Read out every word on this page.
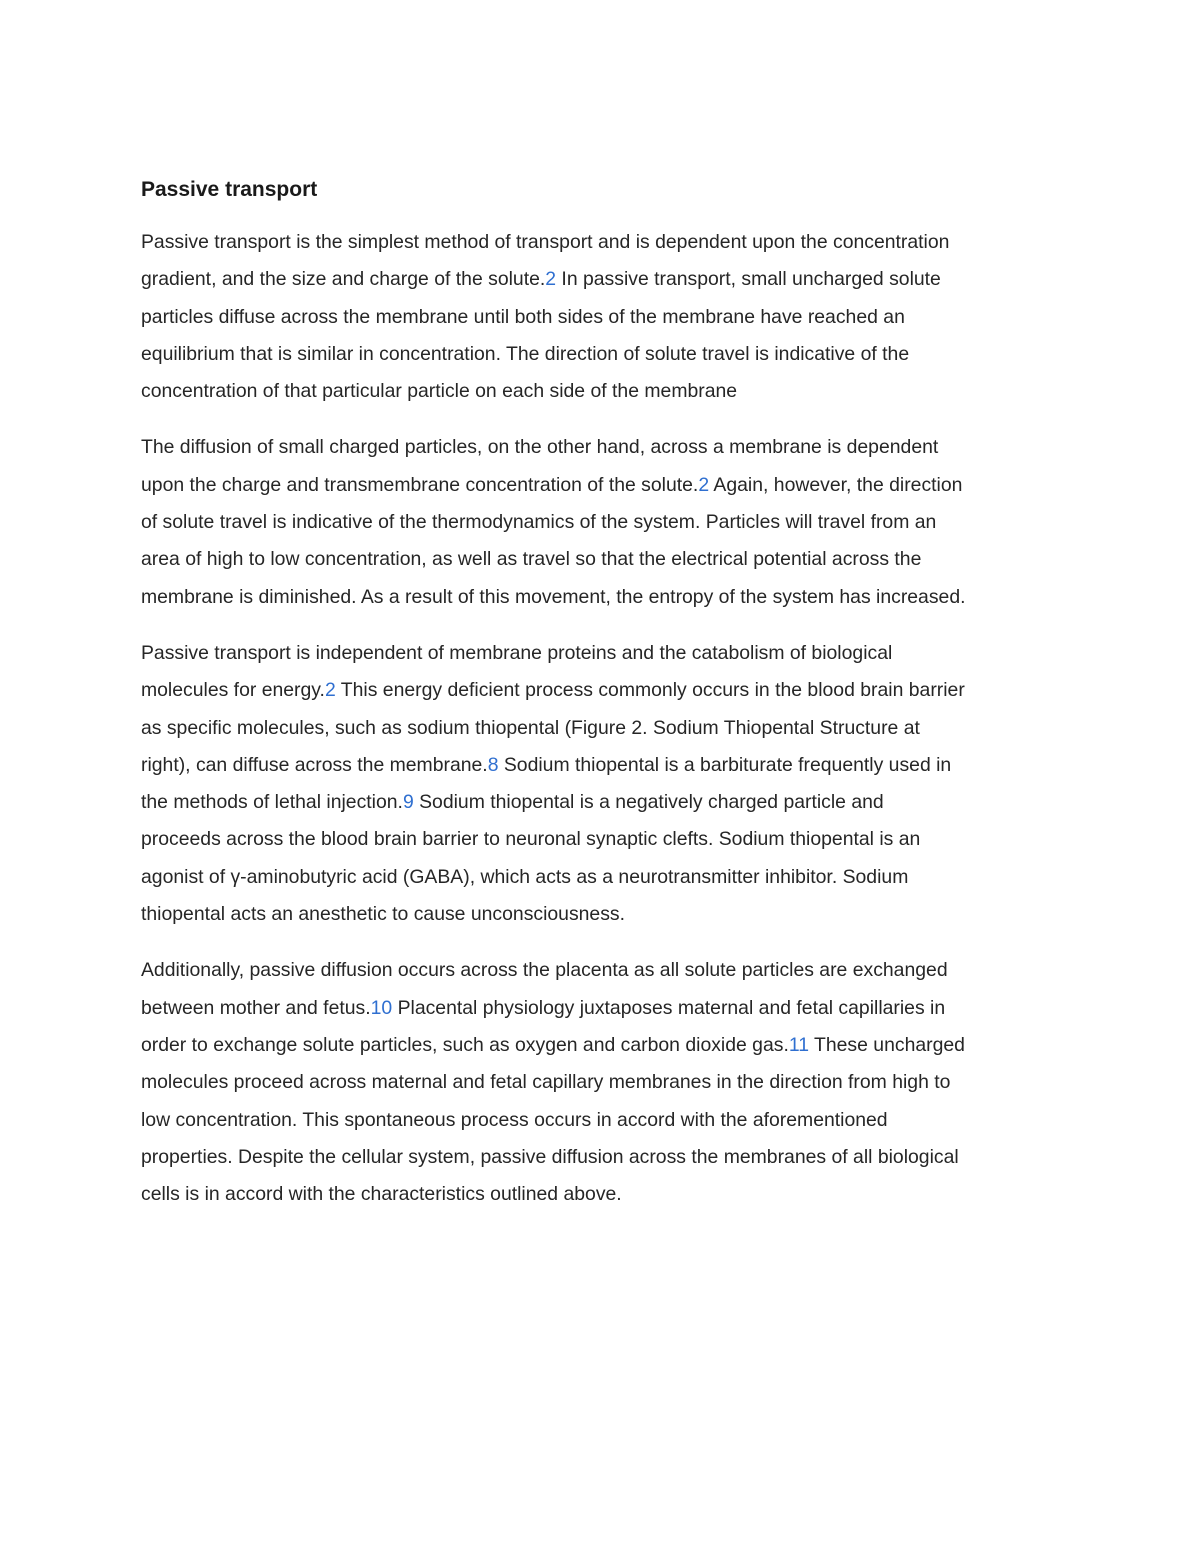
Passive transport

Passive transport is the simplest method of transport and is dependent upon the concentration
gradient, and the size and charge of the solute.2 In passive transport, small uncharged solute
particles diffuse across the membrane until both sides of the membrane have reached an
equilibrium that is similar in concentration. The direction of solute travel is indicative of the
concentration of that particular particle on each side of the membrane

The diffusion of small charged particles, on the other hand, across a membrane is dependent
upon the charge and transmembrane concentration of the solute.2 Again, however, the direction
of solute travel is indicative of the thermodynamics of the system. Particles will travel from an
area of high to low concentration, as well as travel so that the electrical potential across the
membrane is diminished. As a result of this movement, the entropy of the system has increased.

Passive transport is independent of membrane proteins and the catabolism of biological
molecules for energy.2 This energy deficient process commonly occurs in the blood brain barrier
as specific molecules, such as sodium thiopental (Figure 2. Sodium Thiopental Structure at
right), can diffuse across the membrane.8 Sodium thiopental is a barbiturate frequently used in
the methods of lethal injection.9 Sodium thiopental is a negatively charged particle and
proceeds across the blood brain barrier to neuronal synaptic clefts. Sodium thiopental is an
agonist of γ-aminobutyric acid (GABA), which acts as a neurotransmitter inhibitor. Sodium
thiopental acts an anesthetic to cause unconsciousness.

Additionally, passive diffusion occurs across the placenta as all solute particles are exchanged
between mother and fetus.10 Placental physiology juxtaposes maternal and fetal capillaries in
order to exchange solute particles, such as oxygen and carbon dioxide gas.11 These uncharged
molecules proceed across maternal and fetal capillary membranes in the direction from high to
low concentration. This spontaneous process occurs in accord with the aforementioned
properties. Despite the cellular system, passive diffusion across the membranes of all biological
cells is in accord with the characteristics outlined above.
